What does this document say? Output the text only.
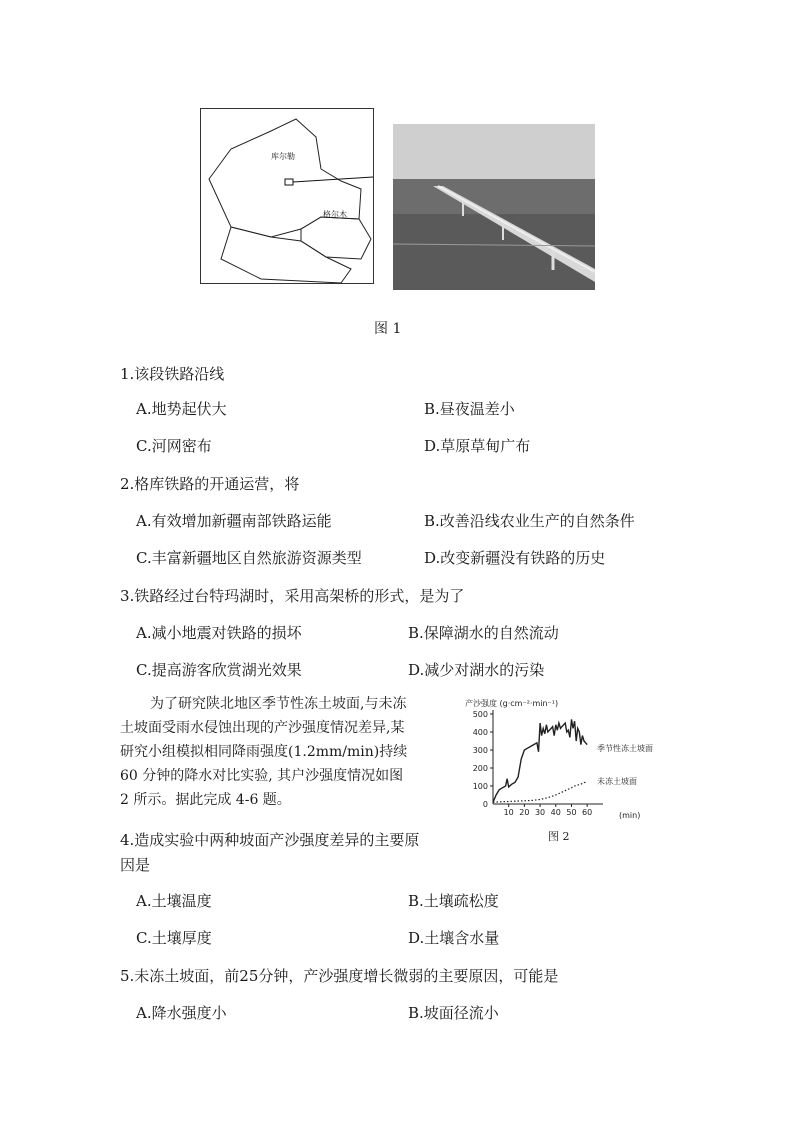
库尔勒
格尔木
图 1
1.该段铁路沿线
A.地势起伏大	B.昼夜温差小
C.河网密布	D.草原草甸广布
2.格库铁路的开通运营，将
A.有效增加新疆南部铁路运能	B.改善沿线农业生产的自然条件
C.丰富新疆地区自然旅游资源类型	D.改变新疆没有铁路的历史
3.铁路经过台特玛湖时，采用高架桥的形式，是为了
A.减小地震对铁路的损坏	B.保障湖水的自然流动
C.提高游客欣赏湖光效果	D.减少对湖水的污染
为了研究陕北地区季节性冻土坡面,与未冻
土坡面受雨水侵蚀出现的产沙强度情况差异,某
研究小组模拟相同降雨强度(1.2mm/min)持续
60 分钟的降水对比实验, 其户沙强度情况如图
2 所示。据此完成 4-6 题。
产沙强度 (g·cm⁻²·min⁻¹)
10 20 30 40 50 60
0
100
200
300
400
500
(min)
季节性冻土坡面
未冻土坡面
图 2
4.造成实验中两种坡面产沙强度差异的主要原
因是
A.土壤温度	B.土壤疏松度
C.土壤厚度	D.土壤含水量
5.未冻土坡面，前25分钟，产沙强度增长微弱的主要原因，可能是
A.降水强度小	B.坡面径流小
